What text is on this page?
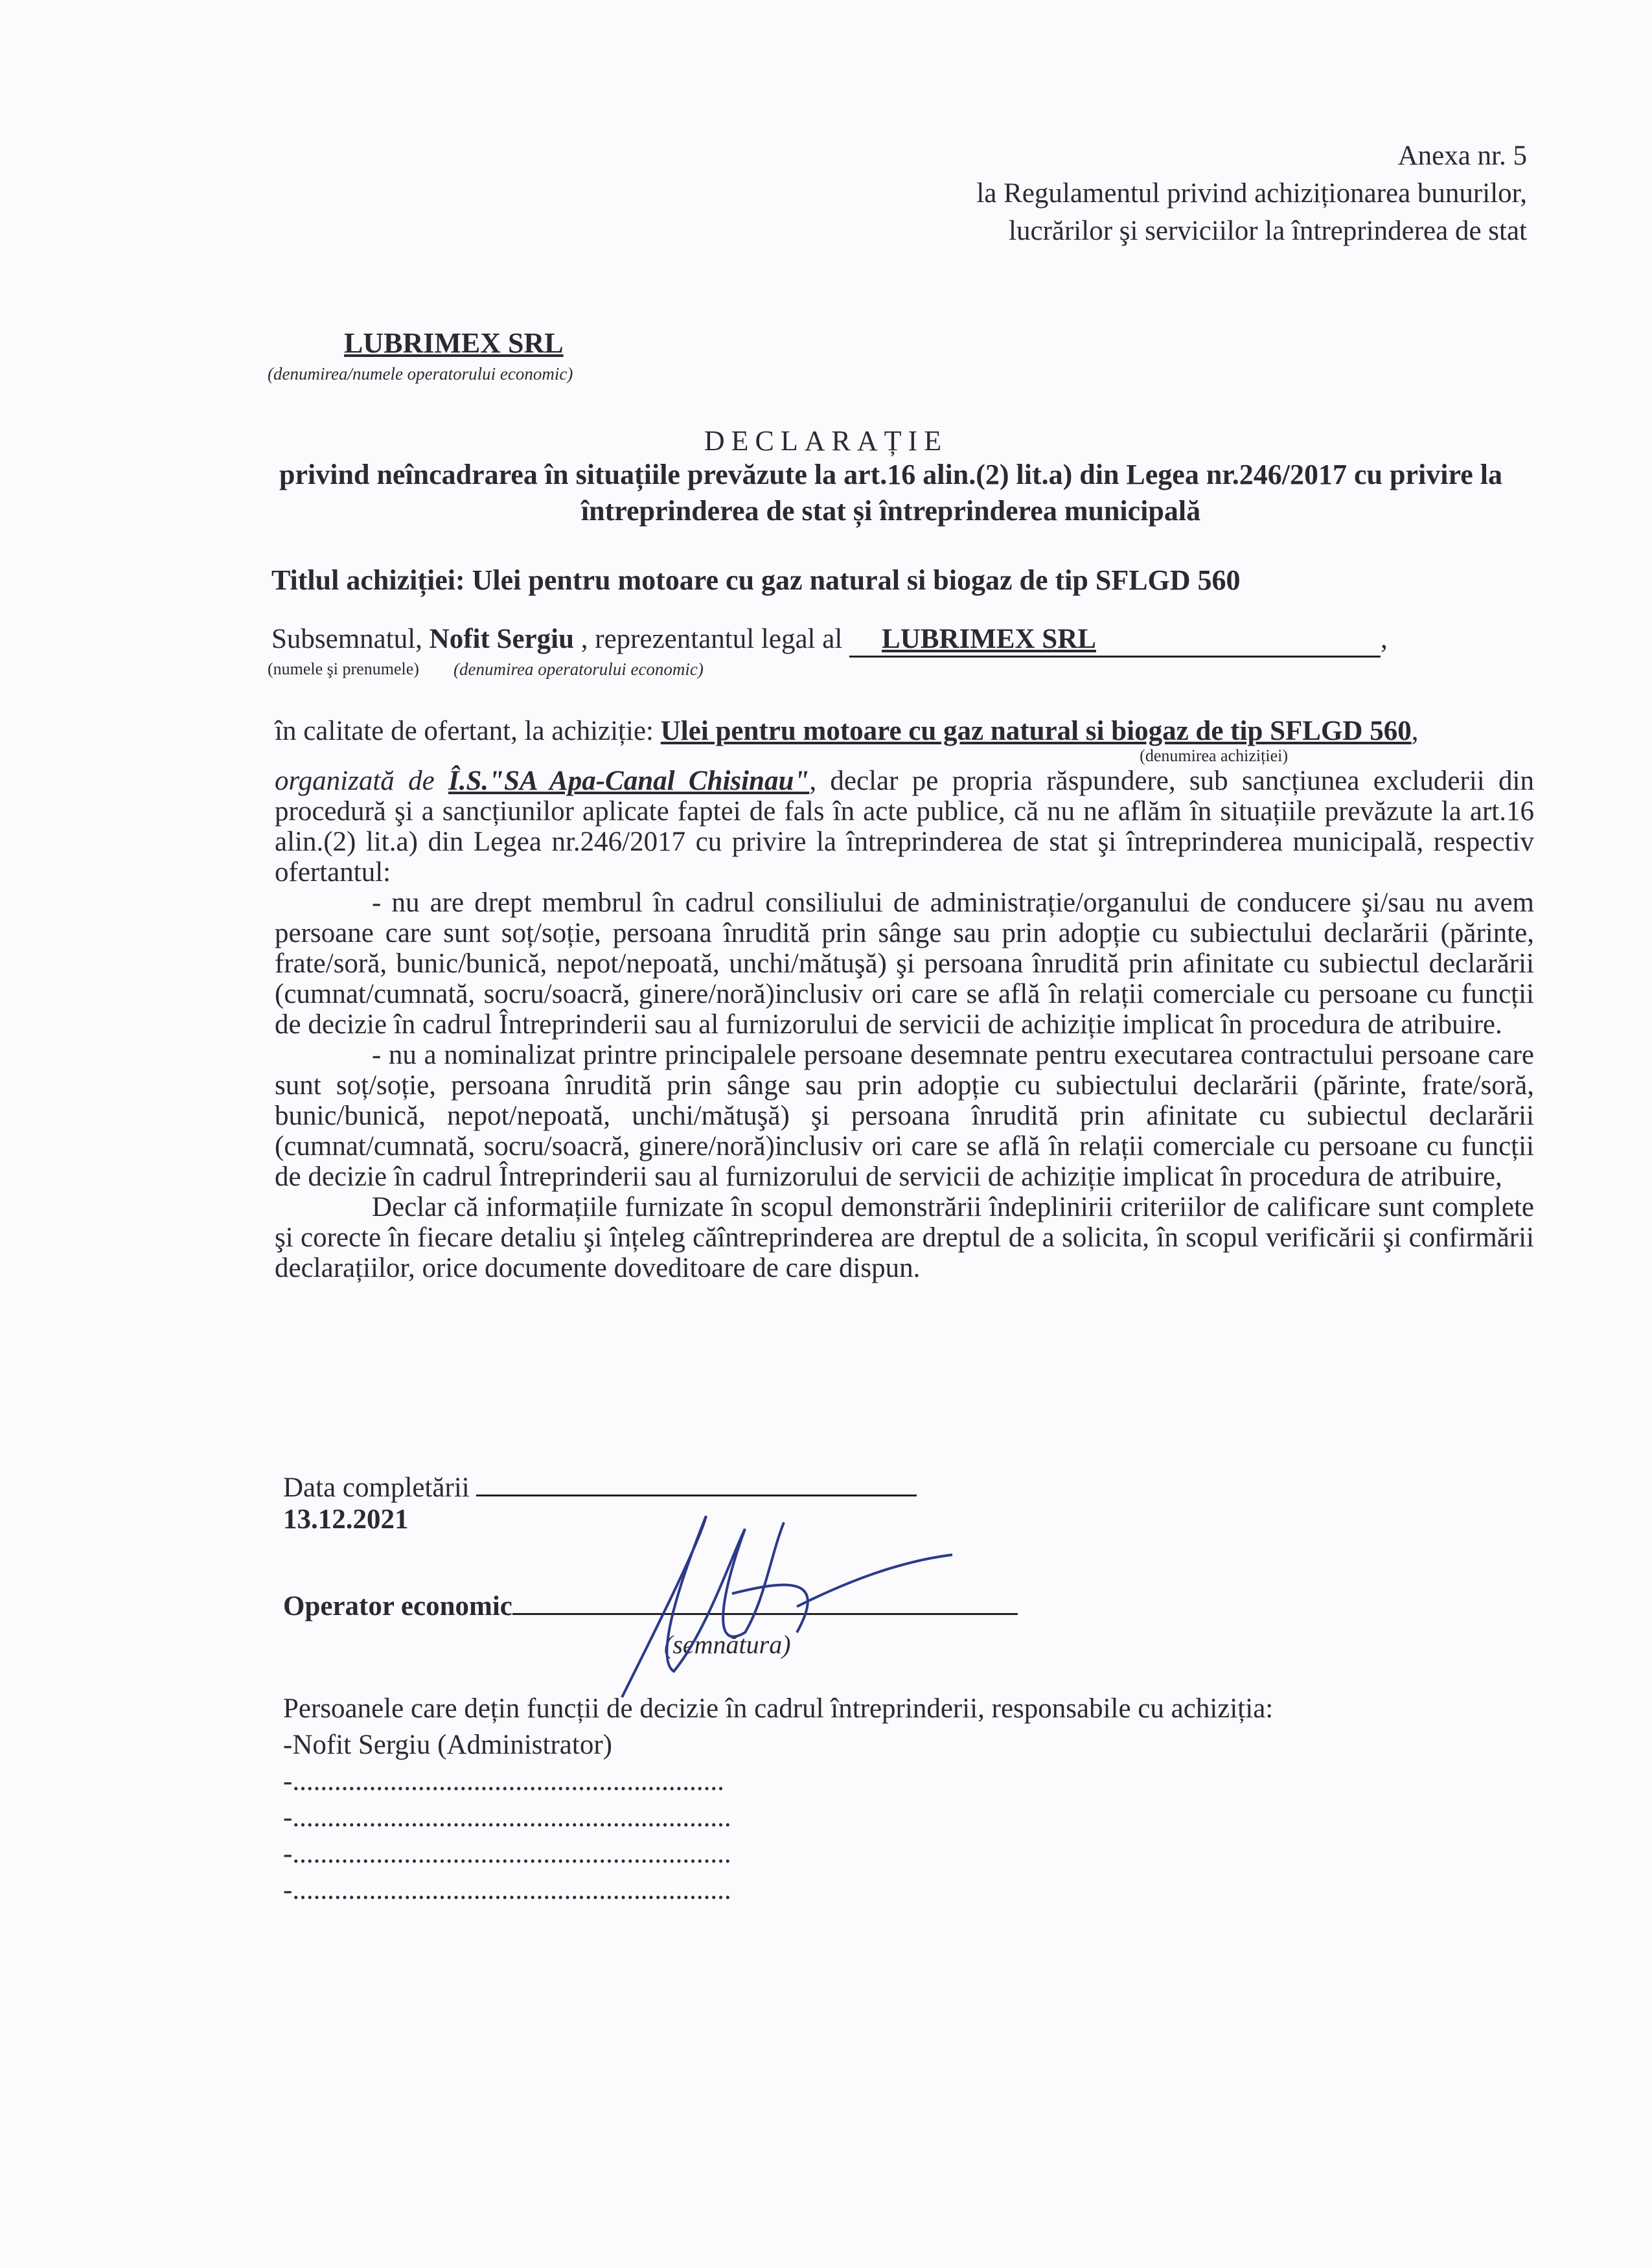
Anexa nr. 5
la Regulamentul privind achiziționarea bunurilor,
lucrărilor şi serviciilor la întreprinderea de stat
LUBRIMEX SRL
(denumirea/numele operatorului economic)
DECLARAȚIE
privind neîncadrarea în situațiile prevăzute la art.16 alin.(2) lit.a) din Legea nr.246/2017 cu privire la întreprinderea de stat și întreprinderea municipală
Titlul achiziției: Ulei pentru motoare cu gaz natural si biogaz de tip SFLGD 560
Subsemnatul, Nofit Sergiu , reprezentantul legal al LUBRIMEX SRL	,
(numele şi prenumele) (denumirea operatorului economic)
în calitate de ofertant, la achiziție: Ulei pentru motoare cu gaz natural si biogaz de tip SFLGD 560,
(denumirea achiziției)
organizată de Î.S."SA Apa-Canal Chisinau", declar pe propria răspundere, sub sancțiunea excluderii din procedură şi a sancțiunilor aplicate faptei de fals în acte publice, că nu ne aflăm în situațiile prevăzute la art.16 alin.(2) lit.a) din Legea nr.246/2017 cu privire la întreprinderea de stat şi întreprinderea municipală, respectiv ofertantul:
- nu are drept membrul în cadrul consiliului de administrație/organului de conducere şi/sau nu avem persoane care sunt soț/soție, persoana înrudită prin sânge sau prin adopție cu subiectului declarării (părinte, frate/soră, bunic/bunică, nepot/nepoată, unchi/mătuşă) şi persoana înrudită prin afinitate cu subiectul declarării (cumnat/cumnată, socru/soacră, ginere/noră)inclusiv ori care se află în relații comerciale cu persoane cu funcții de decizie în cadrul Întreprinderii sau al furnizorului de servicii de achiziție implicat în procedura de atribuire.
- nu a nominalizat printre principalele persoane desemnate pentru executarea contractului persoane care sunt soț/soție, persoana înrudită prin sânge sau prin adopție cu subiectului declarării (părinte, frate/soră, bunic/bunică, nepot/nepoată, unchi/mătuşă) şi persoana înrudită prin afinitate cu subiectul declarării (cumnat/cumnată, socru/soacră, ginere/noră)inclusiv ori care se află în relații comerciale cu persoane cu funcții de decizie în cadrul Întreprinderii sau al furnizorului de servicii de achiziție implicat în procedura de atribuire,
Declar că informațiile furnizate în scopul demonstrării îndeplinirii criteriilor de calificare sunt complete şi corecte în fiecare detaliu şi înțeleg căîntreprinderea are dreptul de a solicita, în scopul verificării şi confirmării declarațiilor, orice documente doveditoare de care dispun.
Data completării
13.12.2021
Operator economic
(semnătura)
Persoanele care dețin funcții de decizie în cadrul întreprinderii, responsabile cu achiziția:
-Nofit Sergiu (Administrator)
-..............................................................
-...............................................................
-...............................................................
-...............................................................
